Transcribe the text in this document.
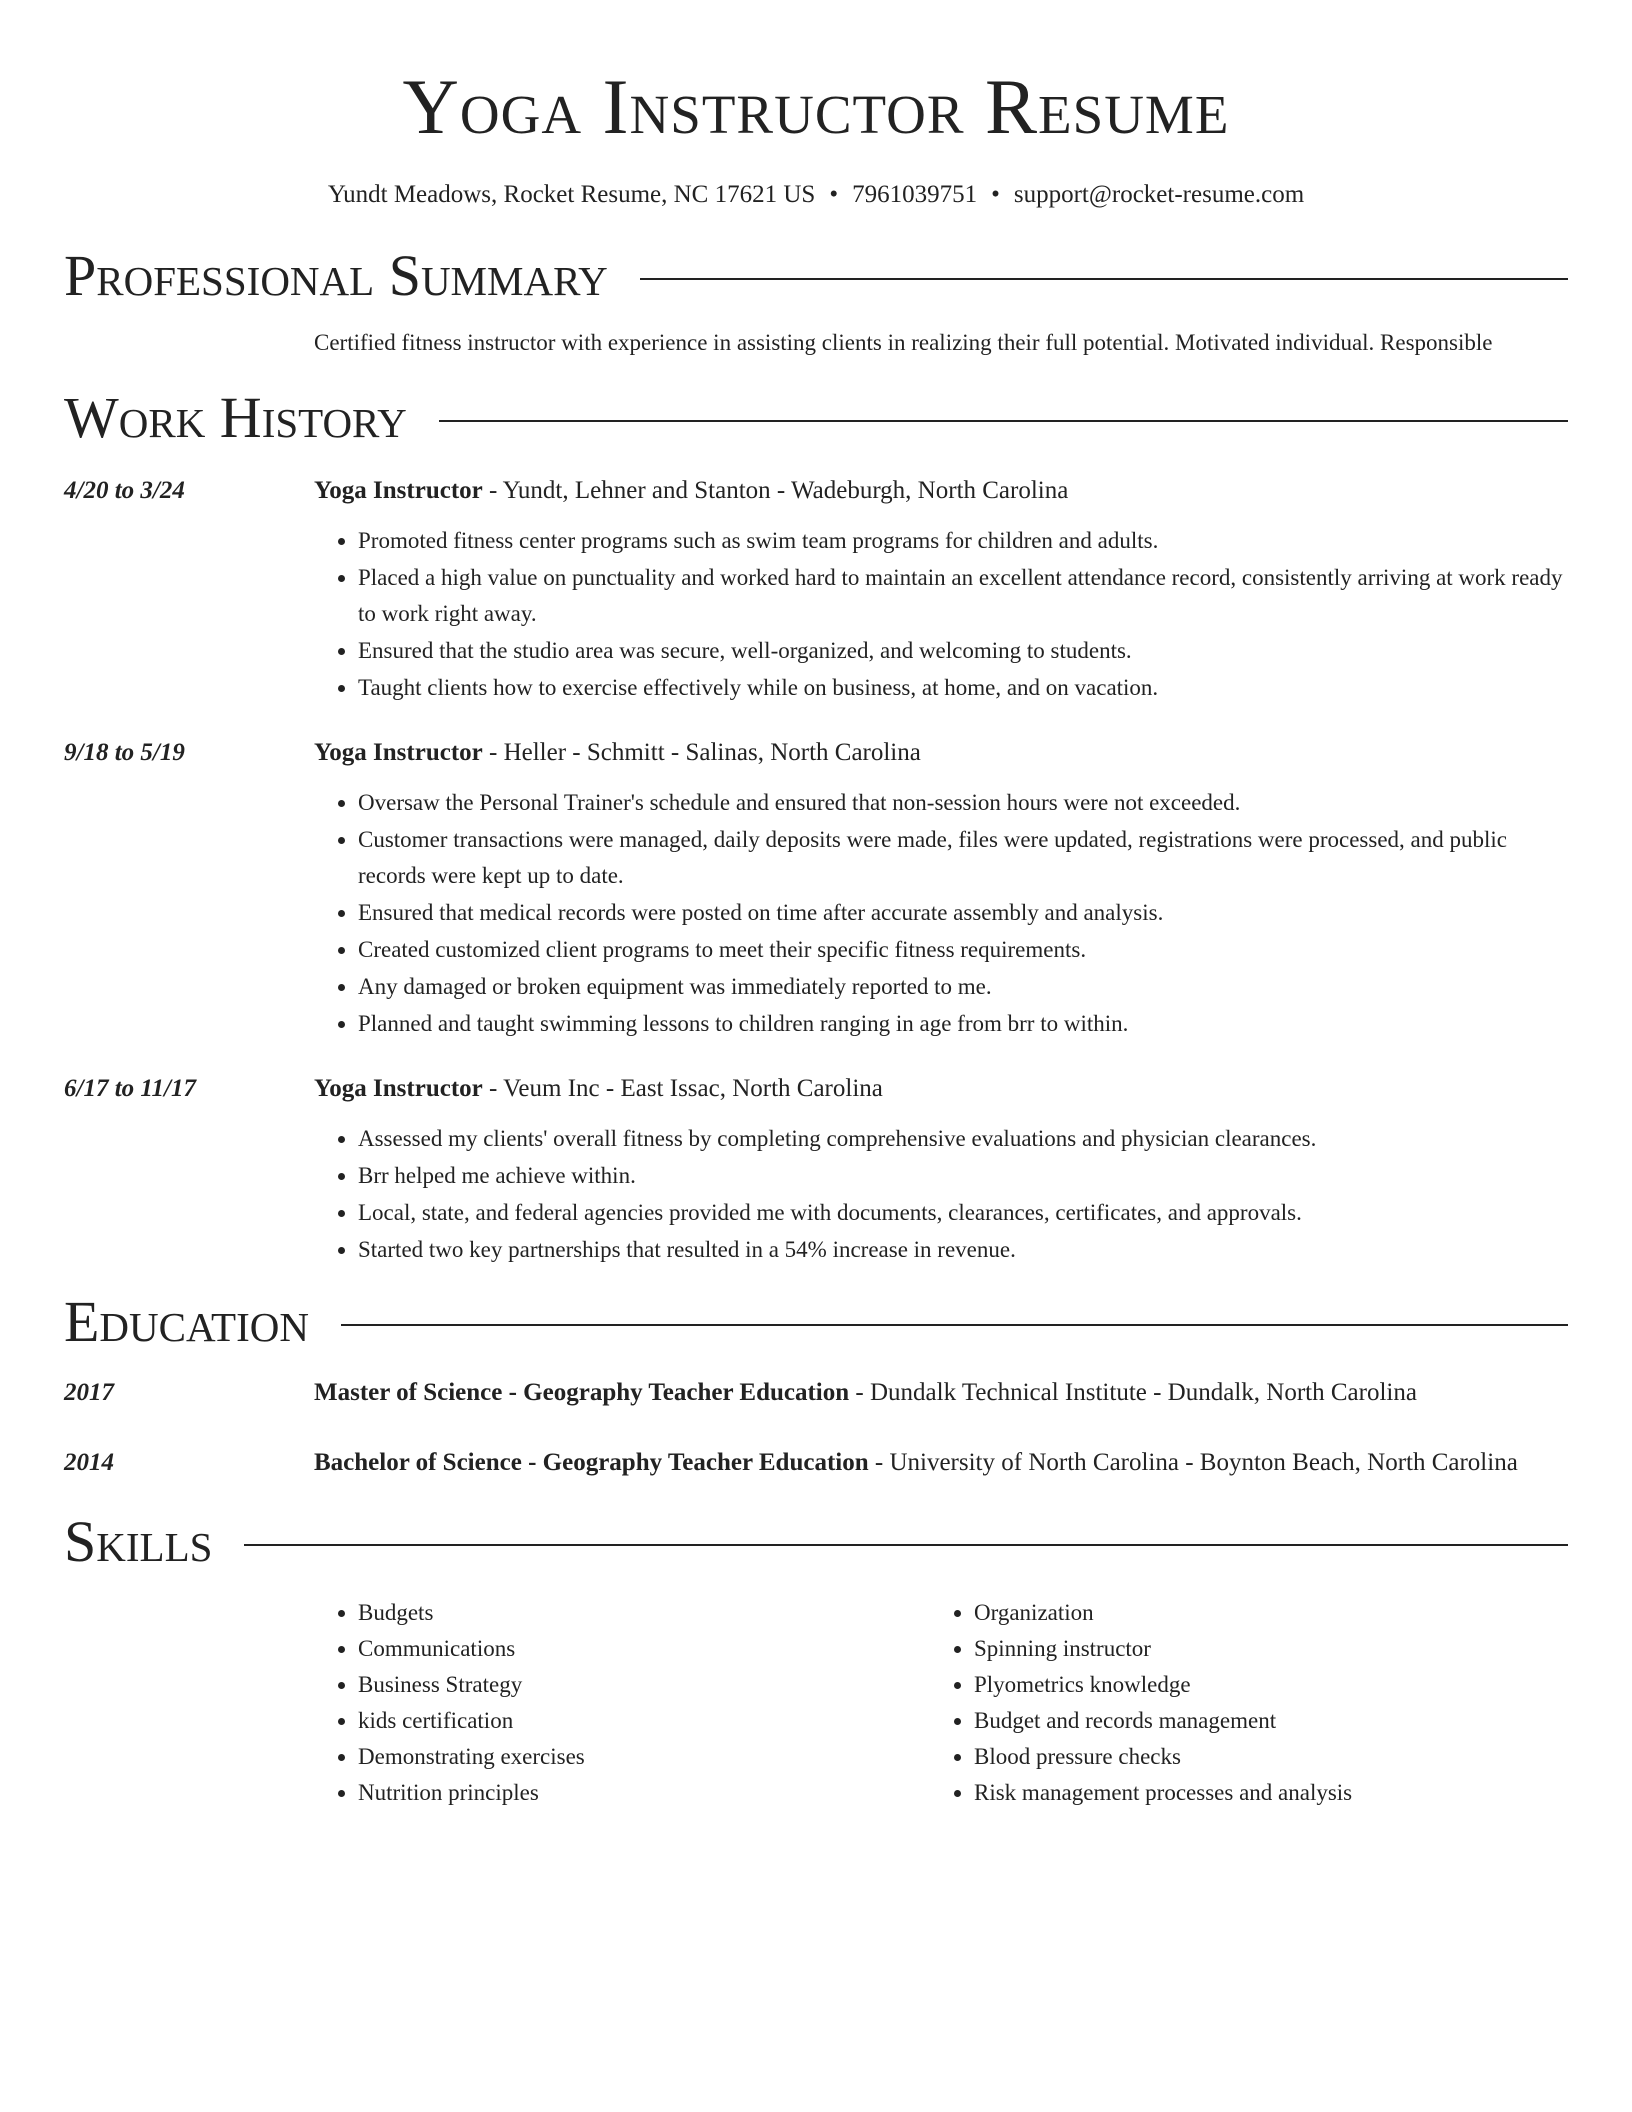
Yoga Instructor Resume
Yundt Meadows, Rocket Resume, NC 17621 US • 7961039751 • support@rocket-resume.com
Professional Summary
Certified fitness instructor with experience in assisting clients in realizing their full potential. Motivated individual. Responsible
Work History
4/20 to 3/24	Yoga Instructor - Yundt, Lehner and Stanton - Wadeburgh, North Carolina
• Promoted fitness center programs such as swim team programs for children and adults.
• Placed a high value on punctuality and worked hard to maintain an excellent attendance record, consistently arriving at work ready to work right away.
• Ensured that the studio area was secure, well-organized, and welcoming to students.
• Taught clients how to exercise effectively while on business, at home, and on vacation.
9/18 to 5/19	Yoga Instructor - Heller - Schmitt - Salinas, North Carolina
• Oversaw the Personal Trainer's schedule and ensured that non-session hours were not exceeded.
• Customer transactions were managed, daily deposits were made, files were updated, registrations were processed, and public records were kept up to date.
• Ensured that medical records were posted on time after accurate assembly and analysis.
• Created customized client programs to meet their specific fitness requirements.
• Any damaged or broken equipment was immediately reported to me.
• Planned and taught swimming lessons to children ranging in age from brr to within.
6/17 to 11/17	Yoga Instructor - Veum Inc - East Issac, North Carolina
• Assessed my clients' overall fitness by completing comprehensive evaluations and physician clearances.
• Brr helped me achieve within.
• Local, state, and federal agencies provided me with documents, clearances, certificates, and approvals.
• Started two key partnerships that resulted in a 54% increase in revenue.
Education
2017	Master of Science - Geography Teacher Education - Dundalk Technical Institute - Dundalk, North Carolina
2014	Bachelor of Science - Geography Teacher Education - University of North Carolina - Boynton Beach, North Carolina
Skills
• Budgets
• Communications
• Business Strategy
• kids certification
• Demonstrating exercises
• Nutrition principles
• Organization
• Spinning instructor
• Plyometrics knowledge
• Budget and records management
• Blood pressure checks
• Risk management processes and analysis
